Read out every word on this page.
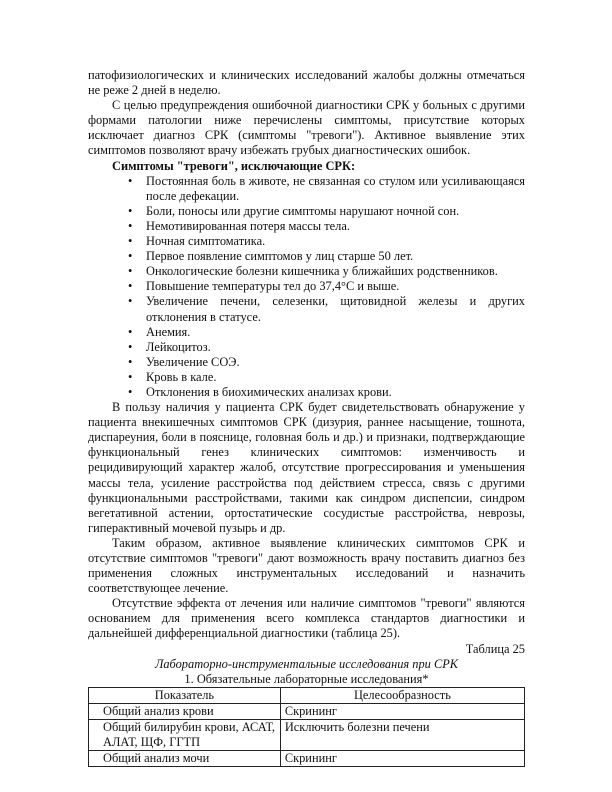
патофизиологических и клинических исследований жалобы должны отмечаться не реже 2 дней в неделю.

С целью предупреждения ошибочной диагностики СРК у больных с другими формами патологии ниже перечислены симптомы, присутствие которых исключает диагноз СРК (симптомы "тревоги"). Активное выявление этих симптомов позволяют врачу избежать грубых диагностических ошибок.

Симптомы "тревоги", исключающие СРК:

• Постоянная боль в животе, не связанная со стулом или усиливающаяся после дефекации.
• Боли, поносы или другие симптомы нарушают ночной сон.
• Немотивированная потеря массы тела.
• Ночная симптоматика.
• Первое появление симптомов у лиц старше 50 лет.
• Онкологические болезни кишечника у ближайших родственников.
• Повышение температуры тел до 37,4°С и выше.
• Увеличение печени, селезенки, щитовидной железы и других отклонения в статусе.
• Анемия.
• Лейкоцитоз.
• Увеличение СОЭ.
• Кровь в кале.
• Отклонения в биохимических анализах крови.

В пользу наличия у пациента СРК будет свидетельствовать обнаружение у пациента внекишечных симптомов СРК (дизурия, раннее насыщение, тошнота, диспареуния, боли в пояснице, головная боль и др.) и признаки, подтверждающие функциональный генез клинических симптомов: изменчивость и рецидивирующий характер жалоб, отсутствие прогрессирования и уменьшения массы тела, усиление расстройства под действием стресса, связь с другими функциональными расстройствами, такими как синдром диспепсии, синдром вегетативной астении, ортостатические сосудистые расстройства, неврозы, гиперактивный мочевой пузырь и др.

Таким образом, активное выявление клинических симптомов СРК и отсутствие симптомов "тревоги" дают возможность врачу поставить диагноз без применения сложных инструментальных исследований и назначить соответствующее лечение.

Отсутствие эффекта от лечения или наличие симптомов "тревоги" являются основанием для применения всего комплекса стандартов диагностики и дальнейшей дифференциальной диагностики (таблица 25).

Таблица 25

Лабораторно-инструментальные исследования при СРК

1. Обязательные лабораторные исследования*

Показатель	Целесообразность
Общий анализ крови	Скрининг
Общий билирубин крови, АСАТ, АЛАТ, ЩФ, ГГТП	Исключить болезни печени
Общий анализ мочи	Скрининг
